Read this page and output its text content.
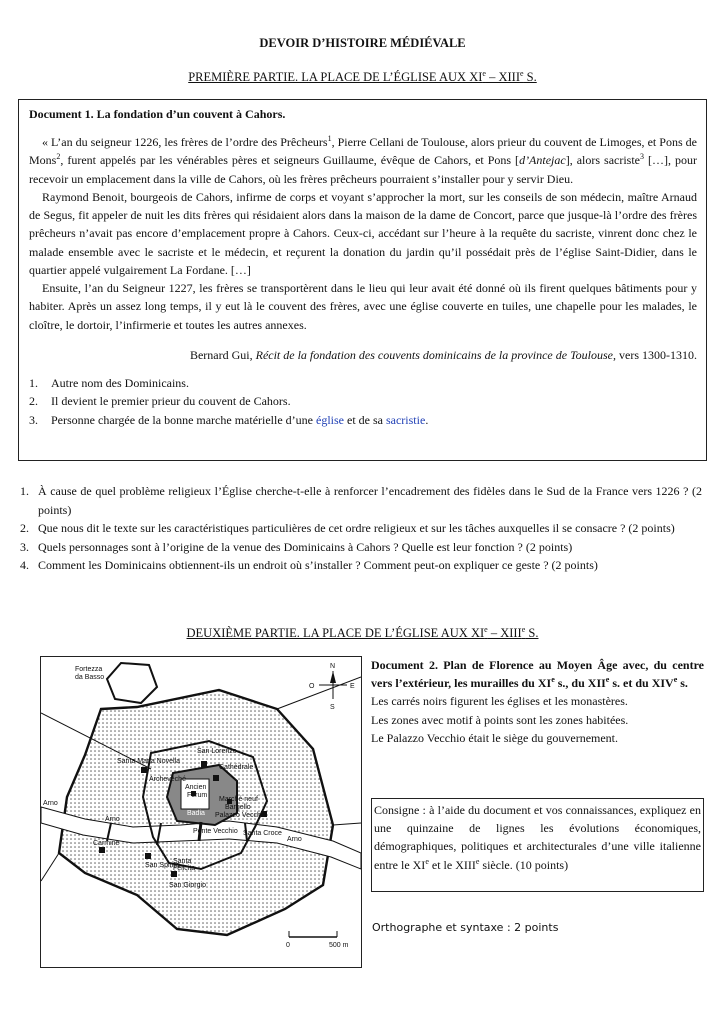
DEVOIR D’HISTOIRE MÉDIÉVALE
PREMIÈRE PARTIE. LA PLACE DE L’ÉGLISE AUX XIe – XIIIe S.
Document 1. La fondation d’un couvent à Cahors.

« L’an du seigneur 1226, les frères de l’ordre des Prêcheurs$^1$, Pierre Cellani de Toulouse, alors prieur du couvent de Limoges, et Pons de Mons$^2$, furent appelés par les vénérables pères et seigneurs Guillaume, évêque de Cahors, et Pons [d’Antejac], alors sacriste$^3$ […], pour recevoir un emplacement dans la ville de Cahors, où les frères prêcheurs pourraient s’installer pour y servir Dieu.

Raymond Benoit, bourgeois de Cahors, infirme de corps et voyant s’approcher la mort, sur les conseils de son médecin, maître Arnaud de Segus, fit appeler de nuit les dits frères qui résidaient alors dans la maison de la dame de Concort, parce que jusque-là l’ordre des frères prêcheurs n’avait pas encore d’emplacement propre à Cahors. Ceux-ci, accédant sur l’heure à la requête du sacriste, vinrent donc chez le malade ensemble avec le sacriste et le médecin, et reçurent la donation du jardin qu’il possédait près de l’église Saint-Didier, dans le quartier appelé vulgairement La Fordane. […]

Ensuite, l’an du Seigneur 1227, les frères se transportèrent dans le lieu qui leur avait été donné où ils firent quelques bâtiments pour y habiter. Après un assez long temps, il y eut là le couvent des frères, avec une église couverte en tuiles, une chapelle pour les malades, le cloître, le dortoir, l’infirmerie et toutes les autres annexes.

Bernard Gui, Récit de la fondation des couvents dominicains de la province de Toulouse, vers 1300-1310.
1. Autre nom des Dominicains.
2. Il devient le premier prieur du couvent de Cahors.
3. Personne chargée de la bonne marche matérielle d’une église et de sa sacristie.
1. À cause de quel problème religieux l’Église cherche-t-elle à renforcer l’encadrement des fidèles dans le Sud de la France vers 1226 ? (2 points)
2. Que nous dit le texte sur les caractéristiques particulières de cet ordre religieux et sur les tâches auxquelles il se consacre ? (2 points)
3. Quels personnages sont à l’origine de la venue des Dominicains à Cahors ? Quelle est leur fonction ? (2 points)
4. Comment les Dominicains obtiennent-ils un endroit où s’installer ? Comment peut-on expliquer ce geste ? (2 points)
DEUXIÈME PARTIE. LA PLACE DE L’ÉGLISE AUX XIe – XIIIe S.
N
S
E
O
0	500 m
Fortezza
da Basso
Santa Maria Novella
San Lorenzo
Cathédrale
Archevêché
Ancien
Forum
Badia
Marché neuf
Bargello
Palazzo Vecchio
Ponte Vecchio Santa Croce
Carmine
San Spirito
Santa
Felicita
San Giorgio
Arno
Arno
Arno
Document 2. Plan de Florence au Moyen Âge avec, du centre vers l’extérieur, les murailles du XIe s., du XIIe s. et du XIVe s.
Les carrés noirs figurent les églises et les monastères.
Les zones avec motif à points sont les zones habitées.
Le Palazzo Vecchio était le siège du gouvernement.
Consigne : à l’aide du document et vos connaissances, expliquez en une quinzaine de lignes les évolutions économiques, démographiques, politiques et architecturales d’une ville italienne entre le XIe et le XIIIe siècle. (10 points)
Orthographe et syntaxe : 2 points
